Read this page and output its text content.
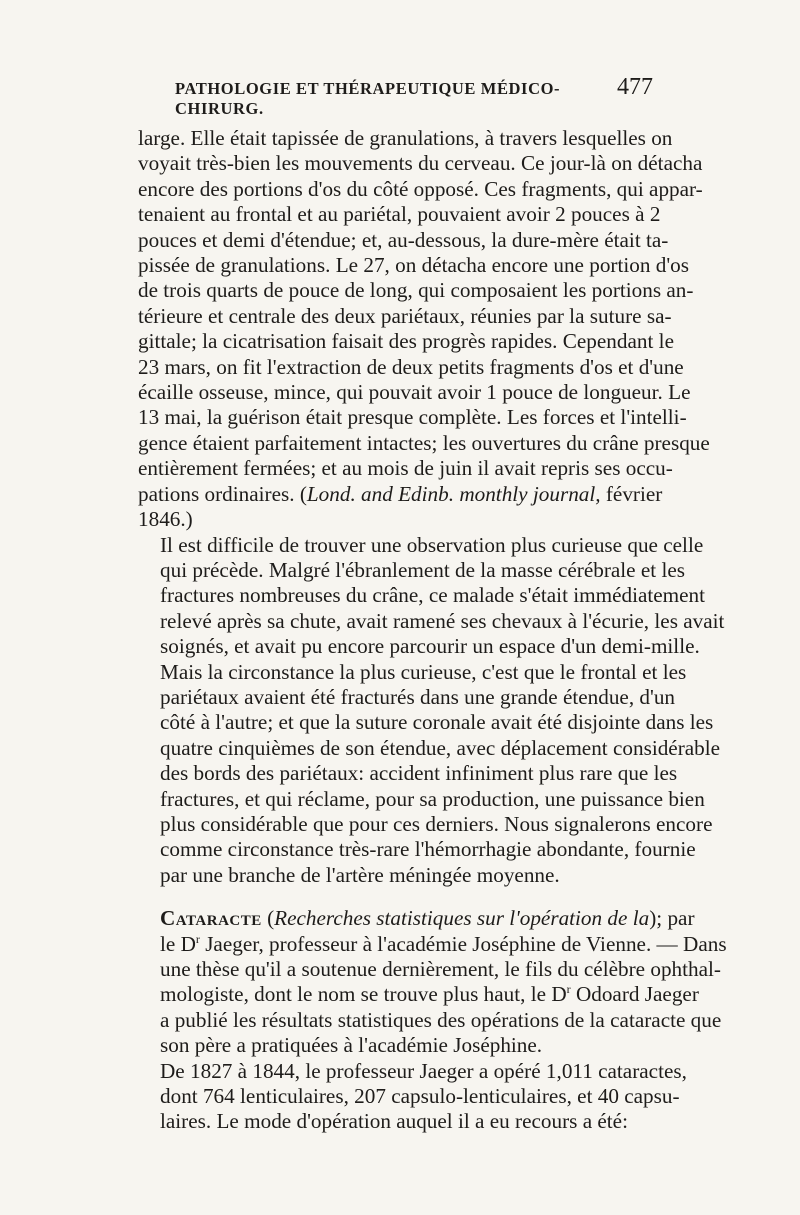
PATHOLOGIE ET THÉRAPEUTIQUE MÉDICO-CHIRURG.
477

large. Elle était tapissée de granulations, à travers lesquelles on
voyait très-bien les mouvements du cerveau. Ce jour-là on détacha
encore des portions d'os du côté opposé. Ces fragments, qui appar-
tenaient au frontal et au pariétal, pouvaient avoir 2 pouces à 2
pouces et demi d'étendue; et, au-dessous, la dure-mère était ta-
pissée de granulations. Le 27, on détacha encore une portion d'os
de trois quarts de pouce de long, qui composaient les portions an-
térieure et centrale des deux pariétaux, réunies par la suture sa-
gittale; la cicatrisation faisait des progrès rapides. Cependant le
23 mars, on fit l'extraction de deux petits fragments d'os et d'une
écaille osseuse, mince, qui pouvait avoir 1 pouce de longueur. Le
13 mai, la guérison était presque complète. Les forces et l'intelli-
gence étaient parfaitement intactes; les ouvertures du crâne presque
entièrement fermées; et au mois de juin il avait repris ses occu-
pations ordinaires. (Lond. and Edinb. monthly journal, février
1846.)

Il est difficile de trouver une observation plus curieuse que celle
qui précède. Malgré l'ébranlement de la masse cérébrale et les
fractures nombreuses du crâne, ce malade s'était immédiatement
relevé après sa chute, avait ramené ses chevaux à l'écurie, les avait
soignés, et avait pu encore parcourir un espace d'un demi-mille.
Mais la circonstance la plus curieuse, c'est que le frontal et les
pariétaux avaient été fracturés dans une grande étendue, d'un
côté à l'autre; et que la suture coronale avait été disjointe dans les
quatre cinquièmes de son étendue, avec déplacement considérable
des bords des pariétaux: accident infiniment plus rare que les
fractures, et qui réclame, pour sa production, une puissance bien
plus considérable que pour ces derniers. Nous signalerons encore
comme circonstance très-rare l'hémorrhagie abondante, fournie
par une branche de l'artère méningée moyenne.

Cataracte (Recherches statistiques sur l'opération de la); par
le $D^r$ Jaeger, professeur à l'académie Joséphine de Vienne. — Dans
une thèse qu'il a soutenue dernièrement, le fils du célèbre ophthal-
mologiste, dont le nom se trouve plus haut, le $D^r$ Odoard Jaeger
a publié les résultats statistiques des opérations de la cataracte que
son père a pratiquées à l'académie Joséphine.

De 1827 à 1844, le professeur Jaeger a opéré 1,011 cataractes,
dont 764 lenticulaires, 207 capsulo-lenticulaires, et 40 capsu-
laires. Le mode d'opération auquel il a eu recours a été:
